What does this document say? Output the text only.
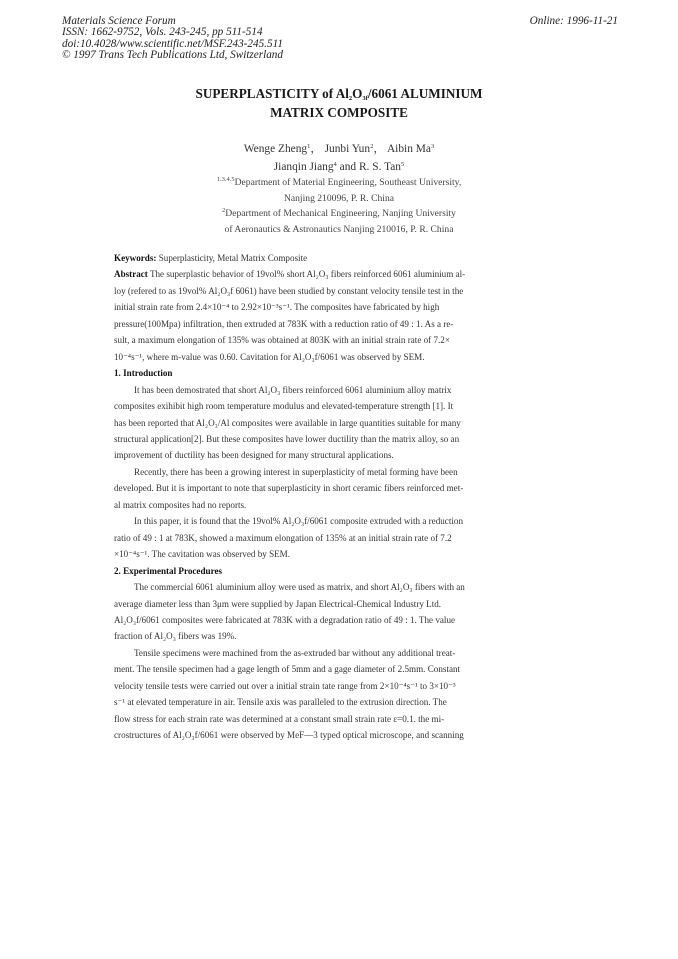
Materials Science Forum
ISSN: 1662-9752, Vols. 243-245, pp 511-514
doi:10.4028/www.scientific.net/MSF.243-245.511
© 1997 Trans Tech Publications Ltd, Switzerland
Online: 1996-11-21
SUPERPLASTICITY of $Al_2O_{3f}/6061$ ALUMINIUM
MATRIX COMPOSITE
Wenge Zheng$^1$， Junbi Yun$^2$， Aibin Ma$^3$
Jianqin Jiang$^4$ and R. S. Tan$^5$
$^{1.3.4.5}$Department of Material Engineering, Southeast University,
Nanjing 210096, P. R. China
$^2$Department of Mechanical Engineering, Nanjing University
of Aeronautics & Astronautics Nanjing 210016, P. R. China
Keywords: Superplasticity, Metal Matrix Composite
Abstract The superplastic behavior of 19vol% short Al₂O₃ fibers reinforced 6061 aluminium al-
loy (refered to as 19vol% Al₂O₃f 6061) have been studied by constant velocity tensile test in the
initial strain rate from 2.4×10⁻⁴ to 2.92×10⁻³s⁻¹. The composites have fabricated by high
pressure(100Mpa) infiltration, then extruded at 783K with a reduction ratio of 49 : 1. As a re-
sult, a maximum elongation of 135% was obtained at 803K with an initial strain rate of 7.2×
10⁻⁴s⁻¹, where m-value was 0.60. Cavitation for Al₂O₃f/6061 was observed by SEM.
1. Introduction
It has been demostrated that short Al₂O₃ fibers reinforced 6061 aluminium alloy matrix
composites exihibit high room temperature modulus and elevated-temperature strength [1]. It
has been reported that Al₂O₃/Al composites were available in large quantities suitable for many
structural application[2]. But these composites have lower ductility than the matrix alloy, so an
improvement of ductility has been designed for many structural applications.
Recently, there has been a growing interest in superplasticity of metal forming have been
developed. But it is important to note that superplasticity in short ceramic fibers reinforced met-
al matrix composites had no reports.
In this paper, it is found that the 19vol% Al₂O₃f/6061 composite extruded with a reduction
ratio of 49 : 1 at 783K, showed a maximum elongation of 135% at an initial strain rate of 7.2
×10⁻⁴s⁻¹. The cavitation was observed by SEM.
2. Experimental Procedures
The commercial 6061 aluminium alloy were used as matrix, and short Al₂O₃ fibers with an
average diameter less than 3μm were supplied by Japan Electrical-Chemical Industry Ltd.
Al₂O₃f/6061 composites were fabricated at 783K with a degradation ratio of 49 : 1. The value
fraction of Al₂O₃ fibers was 19%.
Tensile specimens were machined from the as-extruded bar without any additional treat-
ment. The tensile specimen had a gage length of 5mm and a gage diameter of 2.5mm. Constant
velocity tensile tests were carried out over a initial strain tate range from 2×10⁻⁴s⁻¹ to 3×10⁻³
s⁻¹ at elevated temperature in air. Tensile axis was paralleled to the extrusion direction. The
flow stress for each strain rate was determined at a constant small strain rate ε=0.1. the mi-
crostructures of Al₂O₃f/6061 were observed by MeF—3 typed optical microscope, and scanning
